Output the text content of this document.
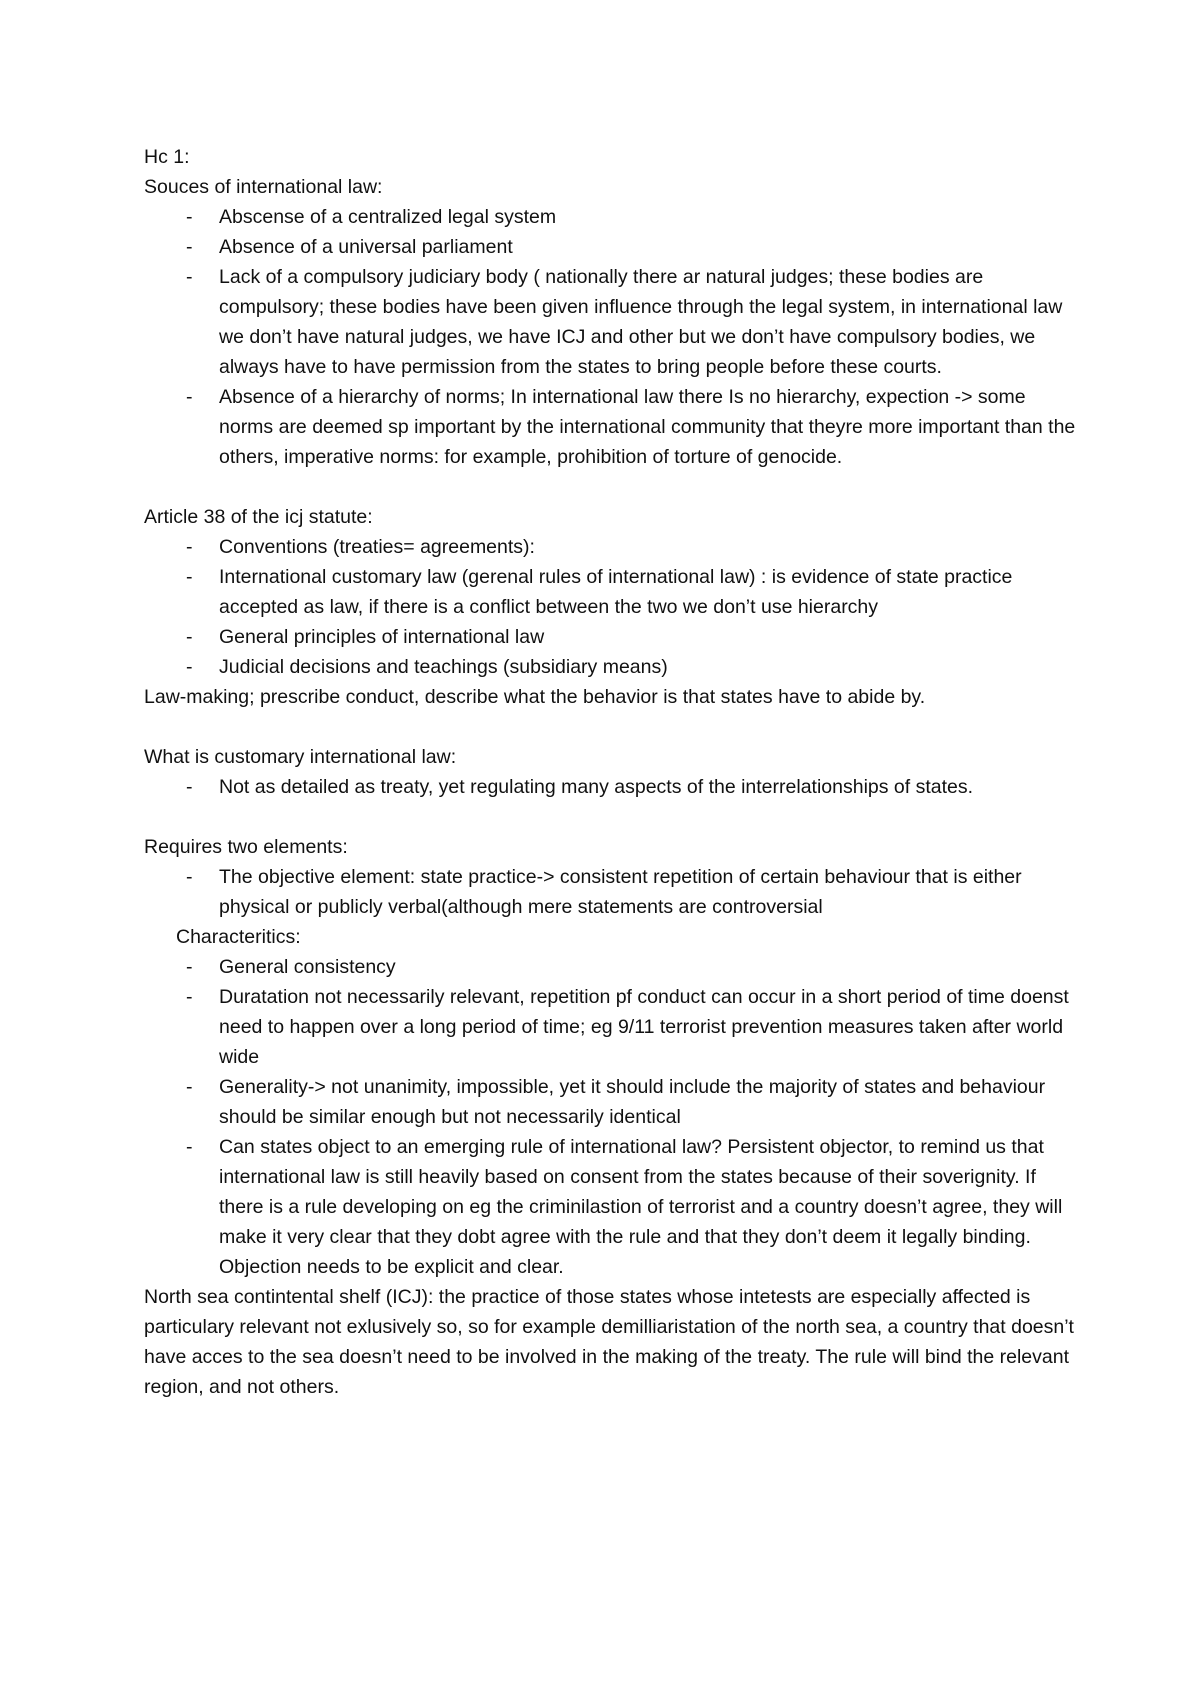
Hc 1:

Souces of international law:

- Abscense of a centralized legal system
- Absence of a universal parliament
- Lack of a compulsory judiciary body ( nationally there ar natural judges; these bodies are compulsory; these bodies have been given influence through the legal system, in international law we don’t have natural judges, we have ICJ and other but we don’t have compulsory bodies, we always have to have permission from the states to bring people before these courts.
- Absence of a hierarchy of norms; In international law there Is no hierarchy, expection -> some norms are deemed sp important by the international community that theyre more important than the others, imperative norms: for example, prohibition of torture of genocide.

Article 38 of the icj statute:

- Conventions (treaties= agreements):
- International customary law (gerenal rules of international law) : is evidence of state practice accepted as law, if there is a conflict between the two we don’t use hierarchy
- General principles of international law
- Judicial decisions and teachings (subsidiary means)

Law-making; prescribe conduct, describe what the behavior is that states have to abide by.

What is customary international law:

- Not as detailed as treaty, yet regulating many aspects of the interrelationships of states.

Requires two elements:

- The objective element: state practice-> consistent repetition of certain behaviour that is either physical or publicly verbal(although mere statements are controversial

Characteritics:

- General consistency
- Duratation not necessarily relevant, repetition pf conduct can occur in a short period of time doenst need to happen over a long period of time; eg 9/11 terrorist prevention measures taken after world wide
- Generality-> not unanimity, impossible, yet it should include the majority of states and behaviour should be similar enough but not necessarily identical
- Can states object to an emerging rule of international law? Persistent objector, to remind us that international law is still heavily based on consent from the states because of their soverignity. If there is a rule developing on eg the criminilastion of terrorist and a country doesn’t agree, they will make it very clear that they dobt agree with the rule and that they don’t deem it legally binding. Objection needs to be explicit and clear.

North sea contintental shelf (ICJ): the practice of those states whose intetests are especially affected is particulary relevant not exlusively so, so for example demilliaristation of the north sea, a country that doesn’t have acces to the sea doesn’t need to be involved in the making of the treaty. The rule will bind the relevant region, and not others.
